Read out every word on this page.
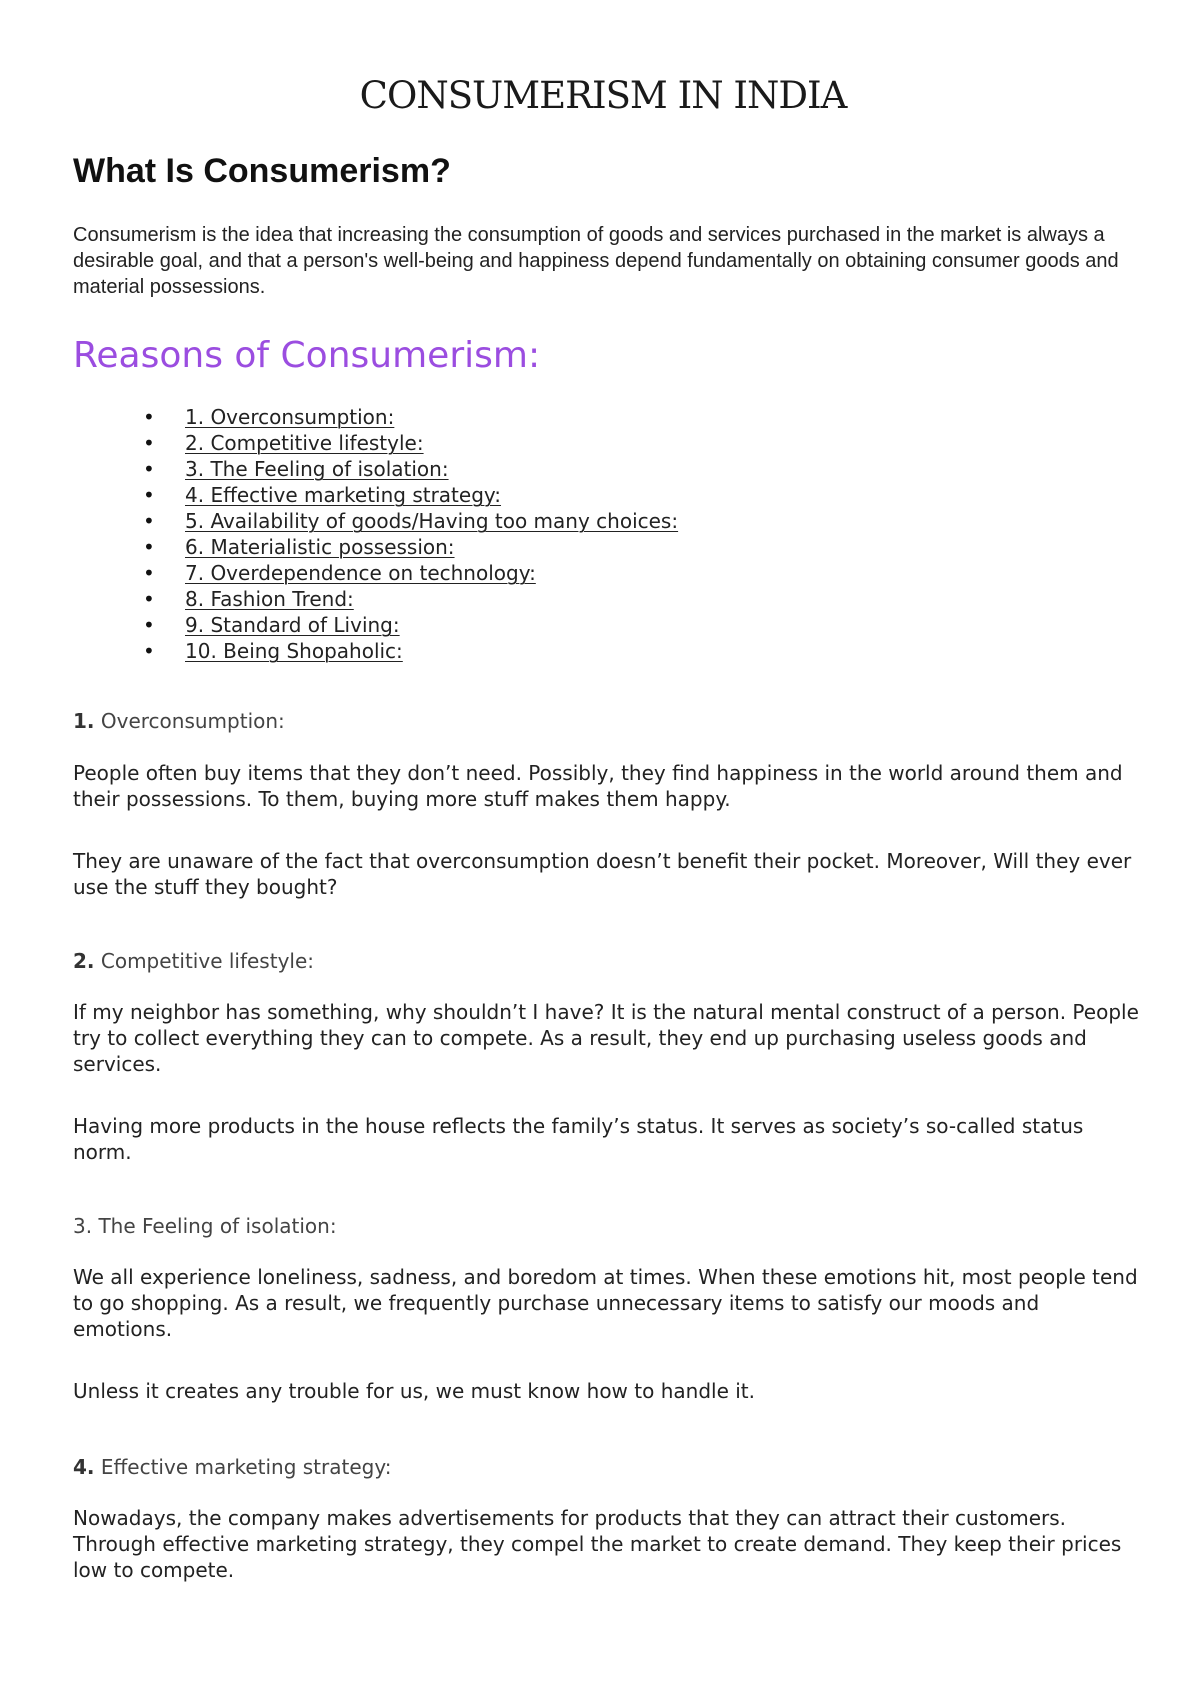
CONSUMERISM IN INDIA
What Is Consumerism?

Consumerism is the idea that increasing the consumption of goods and services purchased in the market is always a desirable goal, and that a person's well-being and happiness depend fundamentally on obtaining consumer goods and material possessions.

Reasons of Consumerism:
• 1. Overconsumption:
• 2. Competitive lifestyle:
• 3. The Feeling of isolation:
• 4. Effective marketing strategy:
• 5. Availability of goods/Having too many choices:
• 6. Materialistic possession:
• 7. Overdependence on technology:
• 8. Fashion Trend:
• 9. Standard of Living:
• 10. Being Shopaholic:
1. Overconsumption:

People often buy items that they don’t need. Possibly, they find happiness in the world around them and their possessions. To them, buying more stuff makes them happy.

They are unaware of the fact that overconsumption doesn’t benefit their pocket. Moreover, Will they ever use the stuff they bought?

2. Competitive lifestyle:

If my neighbor has something, why shouldn’t I have? It is the natural mental construct of a person. People try to collect everything they can to compete. As a result, they end up purchasing useless goods and services.

Having more products in the house reflects the family’s status. It serves as society’s so-called status norm.

3. The Feeling of isolation:

We all experience loneliness, sadness, and boredom at times. When these emotions hit, most people tend to go shopping. As a result, we frequently purchase unnecessary items to satisfy our moods and emotions.

Unless it creates any trouble for us, we must know how to handle it.

4. Effective marketing strategy:

Nowadays, the company makes advertisements for products that they can attract their customers. Through effective marketing strategy, they compel the market to create demand. They keep their prices low to compete.
